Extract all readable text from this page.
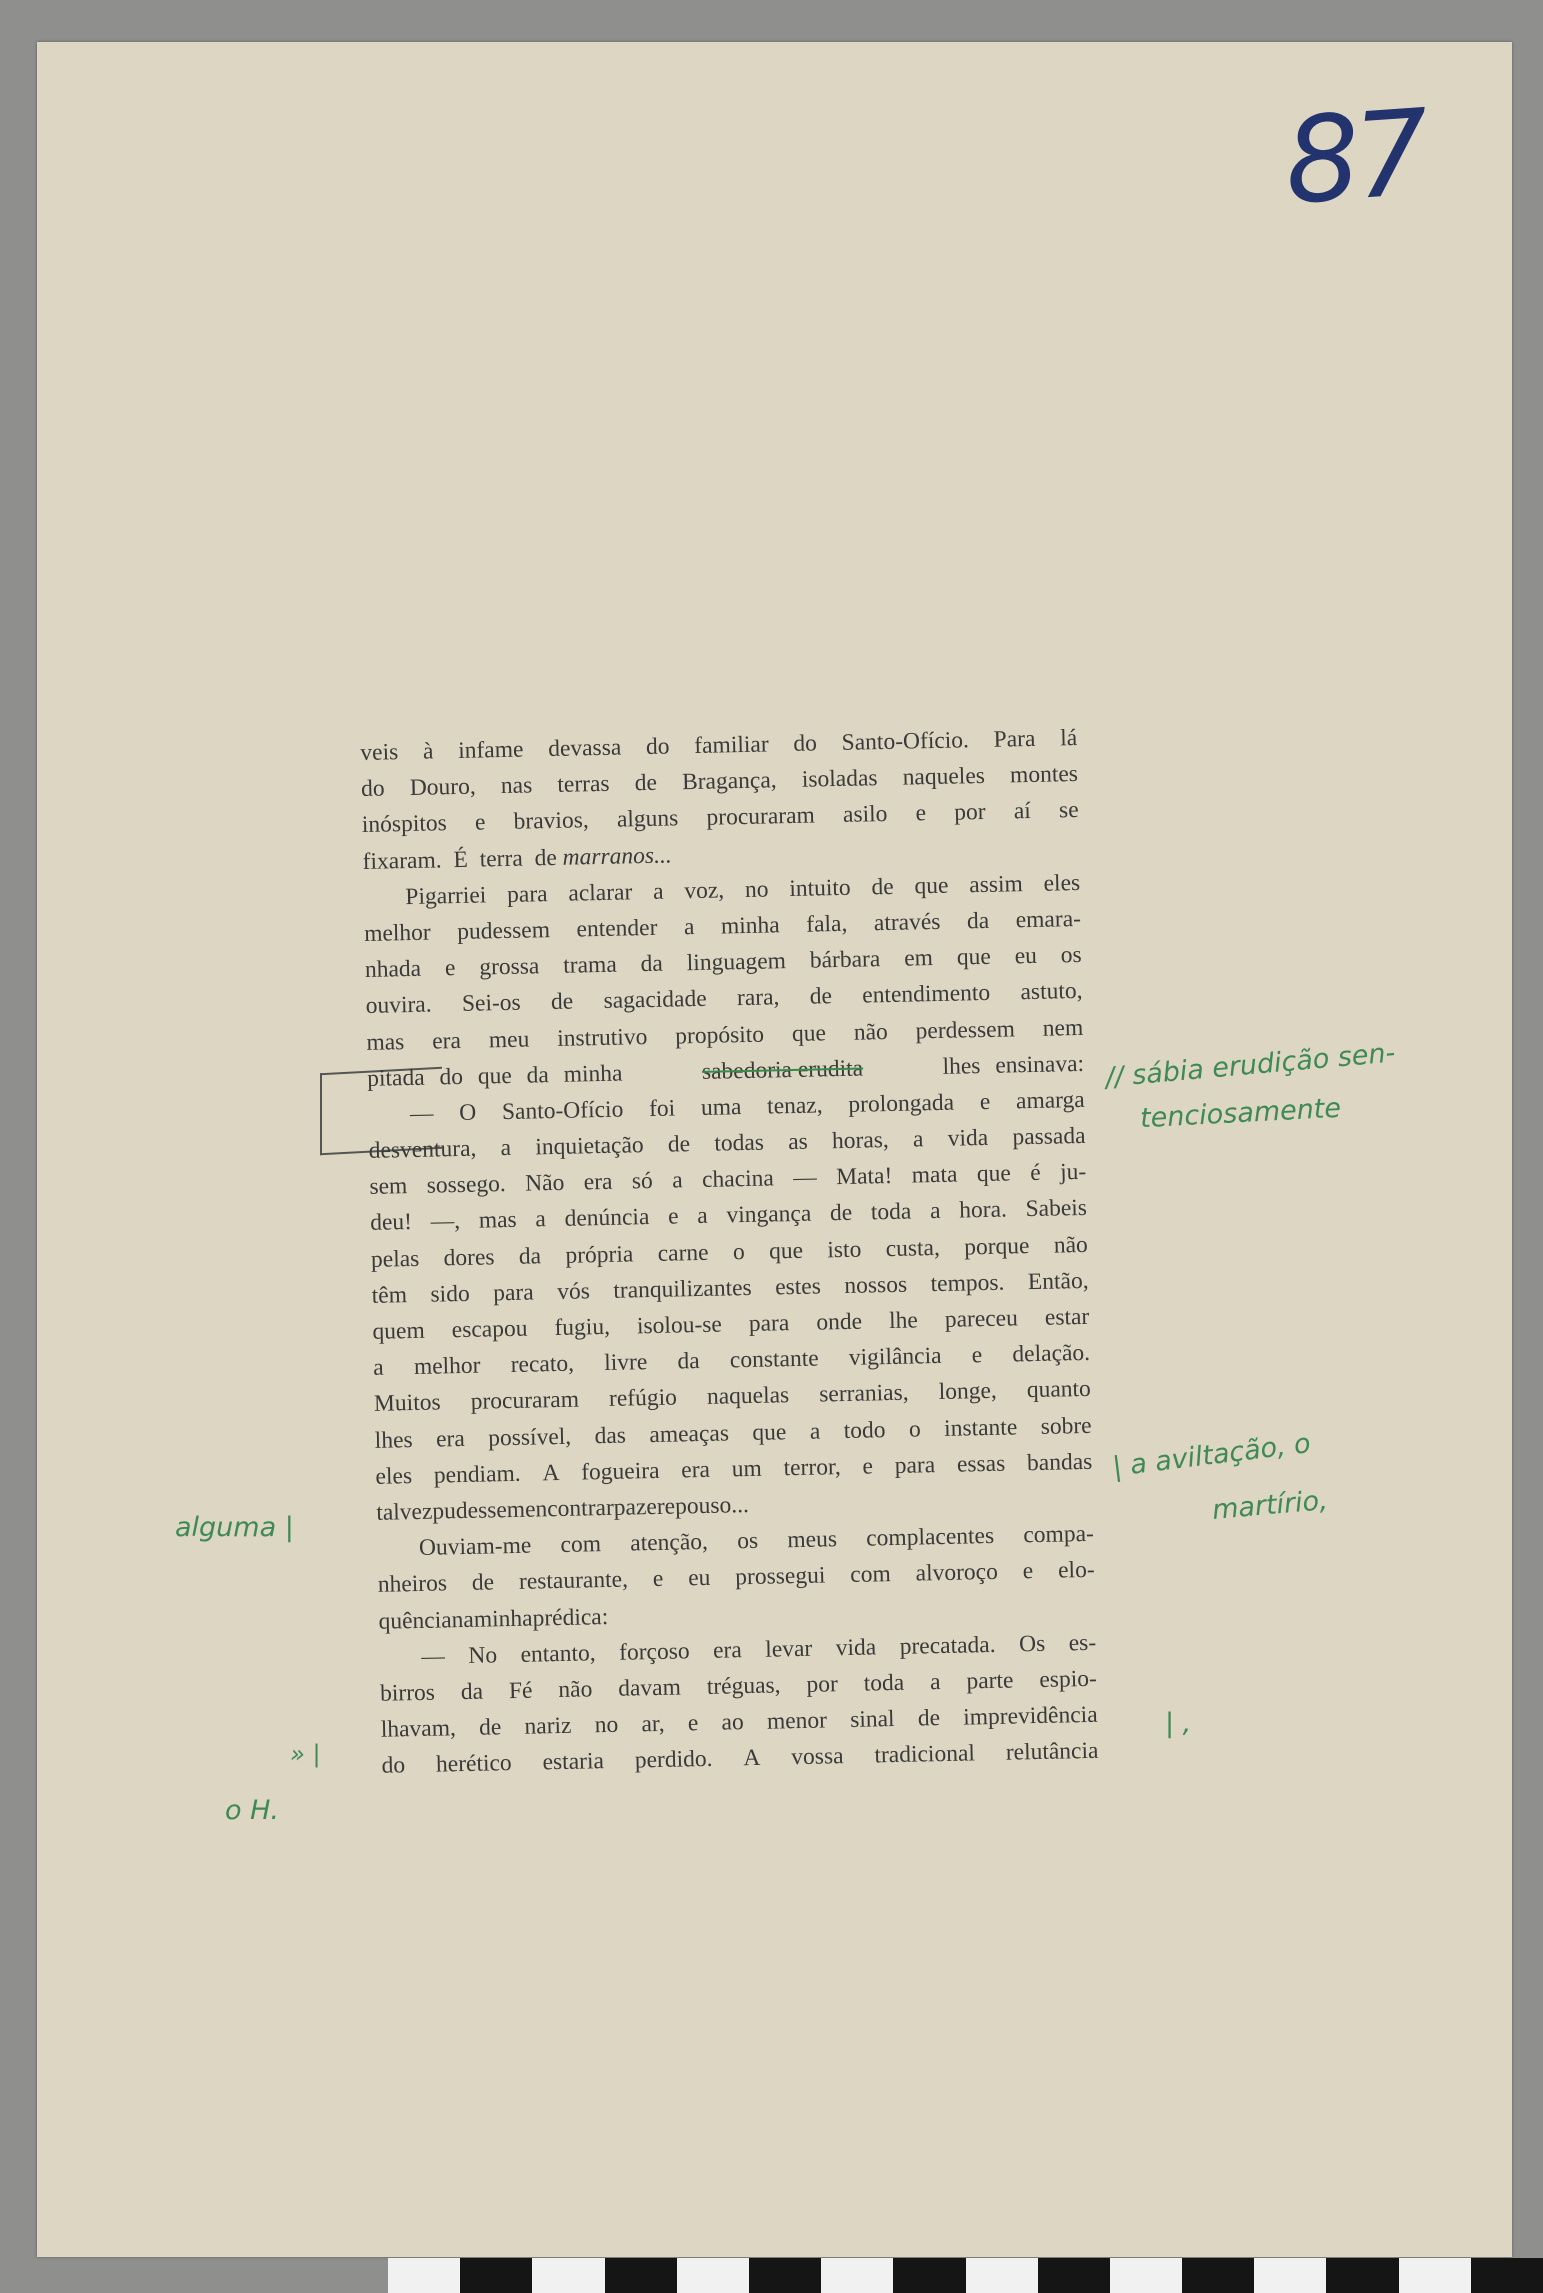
87
veis à infame devassa do familiar do Santo-Ofício. Para lá
do Douro, nas terras de Bragança, isoladas naqueles montes
inóspitos e bravios, alguns procuraram asilo e por aí se
fixaram. É terra de
marranos...
Pigarriei para aclarar a voz, no intuito de que assim eles
melhor pudessem entender a minha fala, através da emara-
nhada e grossa trama da linguagem bárbara em que eu os
ouvira. Sei-os de sagacidade rara, de entendimento astuto,
mas era meu instrutivo propósito que não perdessem nem
pitada do que da minha	sabedoria erudita	lhes ensinava:
— O Santo-Ofício foi uma tenaz, prolongada e amarga
desventura, a inquietação de todas as horas, a vida passada
sem sossego. Não era só a chacina — Mata! mata que é ju-
deu! —, mas a denúncia e a vingança de toda a hora. Sabeis
pelas dores da própria carne o que isto custa, porque não
têm sido para vós tranquilizantes estes nossos tempos. Então,
quem escapou fugiu, isolou-se para onde lhe pareceu estar
a melhor recato, livre da constante vigilância e delação.
Muitos procuraram refúgio naquelas serranias, longe, quanto
lhes era possível, das ameaças que a todo o instante sobre
eles pendiam. A fogueira era um terror, e para essas bandas
talvez pudessem encontrar paz e repouso...
Ouviam-me com atenção, os meus complacentes compa-
nheiros de restaurante, e eu prossegui com alvoroço e elo-
quência na minha prédica:
— No entanto, forçoso era levar vida precatada. Os es-
birros da Fé não davam tréguas, por toda a parte espio-
lhavam, de nariz no ar, e ao menor sinal de imprevidência
do herético estaria perdido. A vossa tradicional relutância
// sábia erudição sen-
tenciosamente
| a aviltação, o
martírio,
alguma |
| ,
» |
o H.
